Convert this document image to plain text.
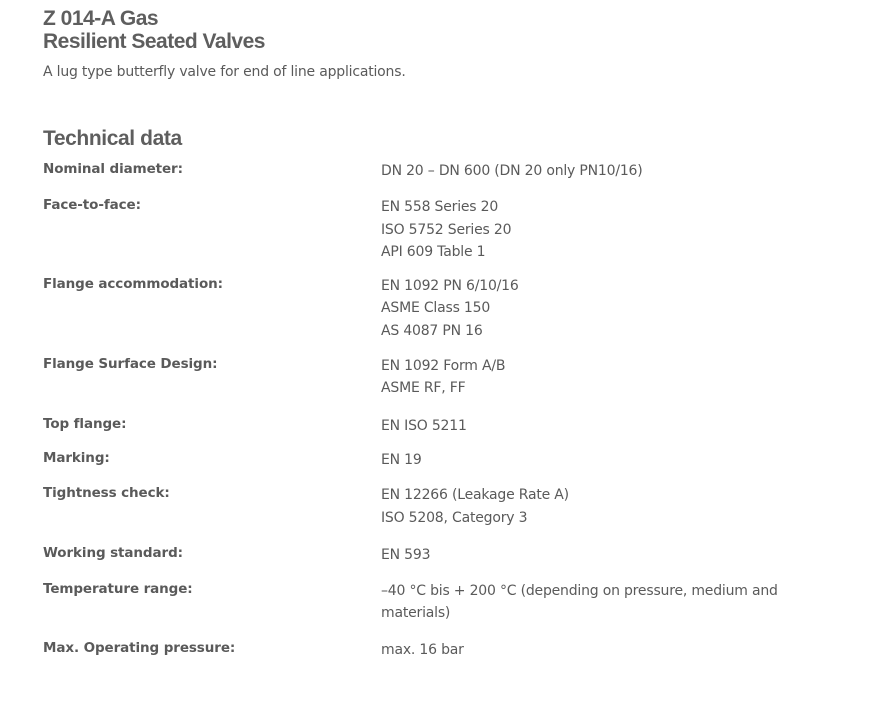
Z 014-A Gas
Resilient Seated Valves

A lug type butterfly valve for end of line applications.

Technical data
Nominal diameter:	DN 20 – DN 600 (DN 20 only PN10/16)
Face-to-face:	EN 558 Series 20
ISO 5752 Series 20
API 609 Table 1
Flange accommodation:	EN 1092 PN 6/10/16
ASME Class 150
AS 4087 PN 16
Flange Surface Design:	EN 1092 Form A/B
ASME RF, FF
Top flange:	EN ISO 5211
Marking:	EN 19
Tightness check:	EN 12266 (Leakage Rate A)
ISO 5208, Category 3
Working standard:	EN 593
Temperature range:	–40 °C bis + 200 °C (depending on pressure, medium and materials)
Max. Operating pressure:	max. 16 bar
